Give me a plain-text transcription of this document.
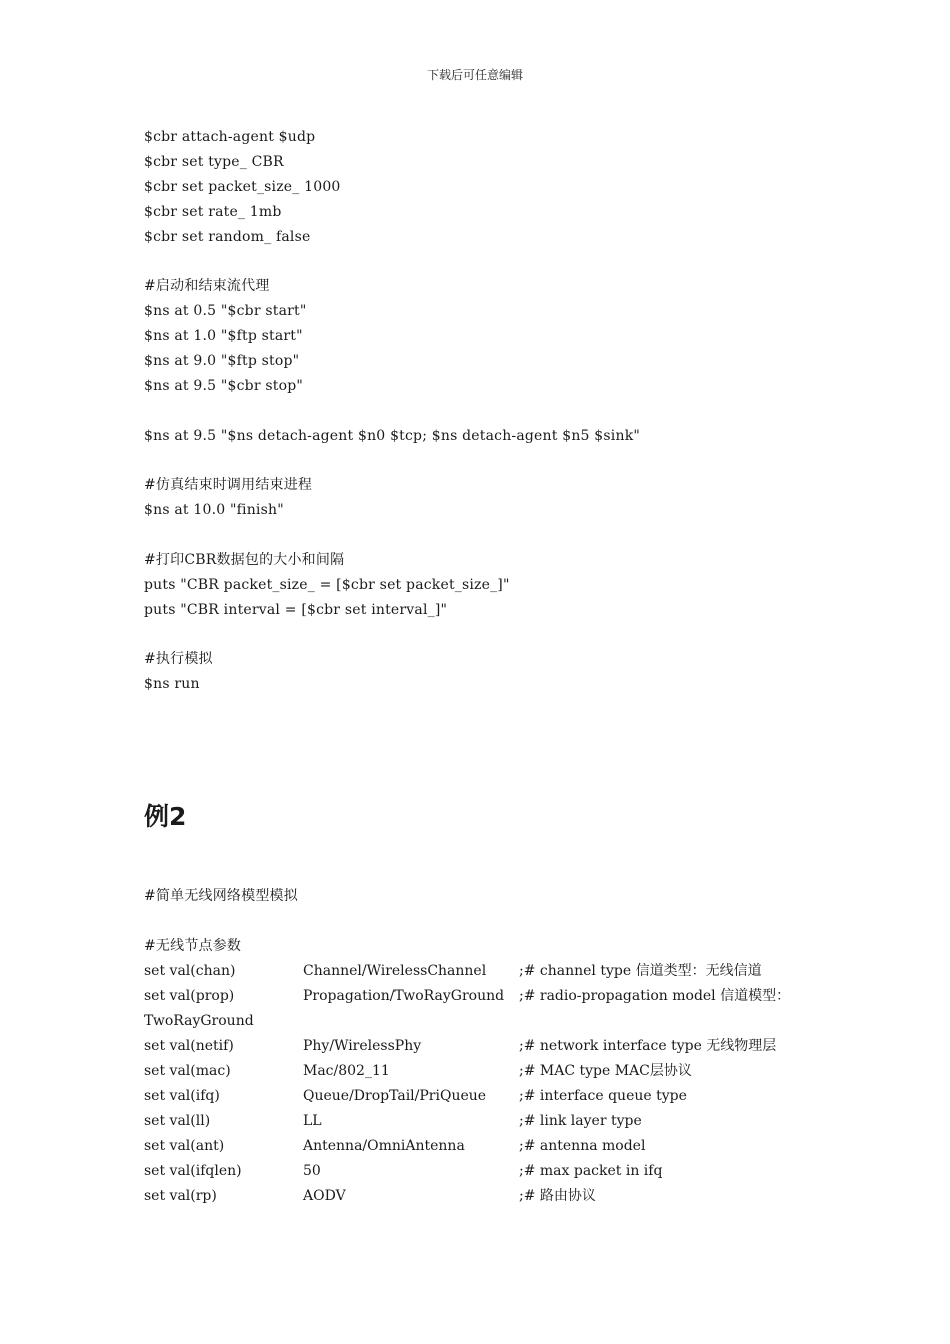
下载后可任意编辑
$cbr attach-agent $udp
$cbr set type_ CBR
$cbr set packet_size_ 1000
$cbr set rate_ 1mb
$cbr set random_ false
#启动和结束流代理
$ns at 0.5 "$cbr start"
$ns at 1.0 "$ftp start"
$ns at 9.0 "$ftp stop"
$ns at 9.5 "$cbr stop"
$ns at 9.5 "$ns detach-agent $n0 $tcp; $ns detach-agent $n5 $sink"
#仿真结束时调用结束进程
$ns at 10.0 "finish"
#打印CBR数据包的大小和间隔
puts "CBR packet_size_ = [$cbr set packet_size_]"
puts "CBR interval = [$cbr set interval_]"
#执行模拟
$ns run
例2
#简单无线网络模型模拟
#无线节点参数
set val(chan)	Channel/WirelessChannel ;# channel type 信道类型：无线信道
set val(prop)	Propagation/TwoRayGround ;# radio-propagation model 信道模型：
TwoRayGround
set val(netif)	Phy/WirelessPhy	;# network interface type 无线物理层
set val(mac)	Mac/802_11	;# MAC type MAC层协议
set val(ifq)	Queue/DropTail/PriQueue ;# interface queue type
set val(ll)	LL	;# link layer type
set val(ant)	Antenna/OmniAntenna	;# antenna model
set val(ifqlen)	50	;# max packet in ifq
set val(rp)	AODV	;# 路由协议
